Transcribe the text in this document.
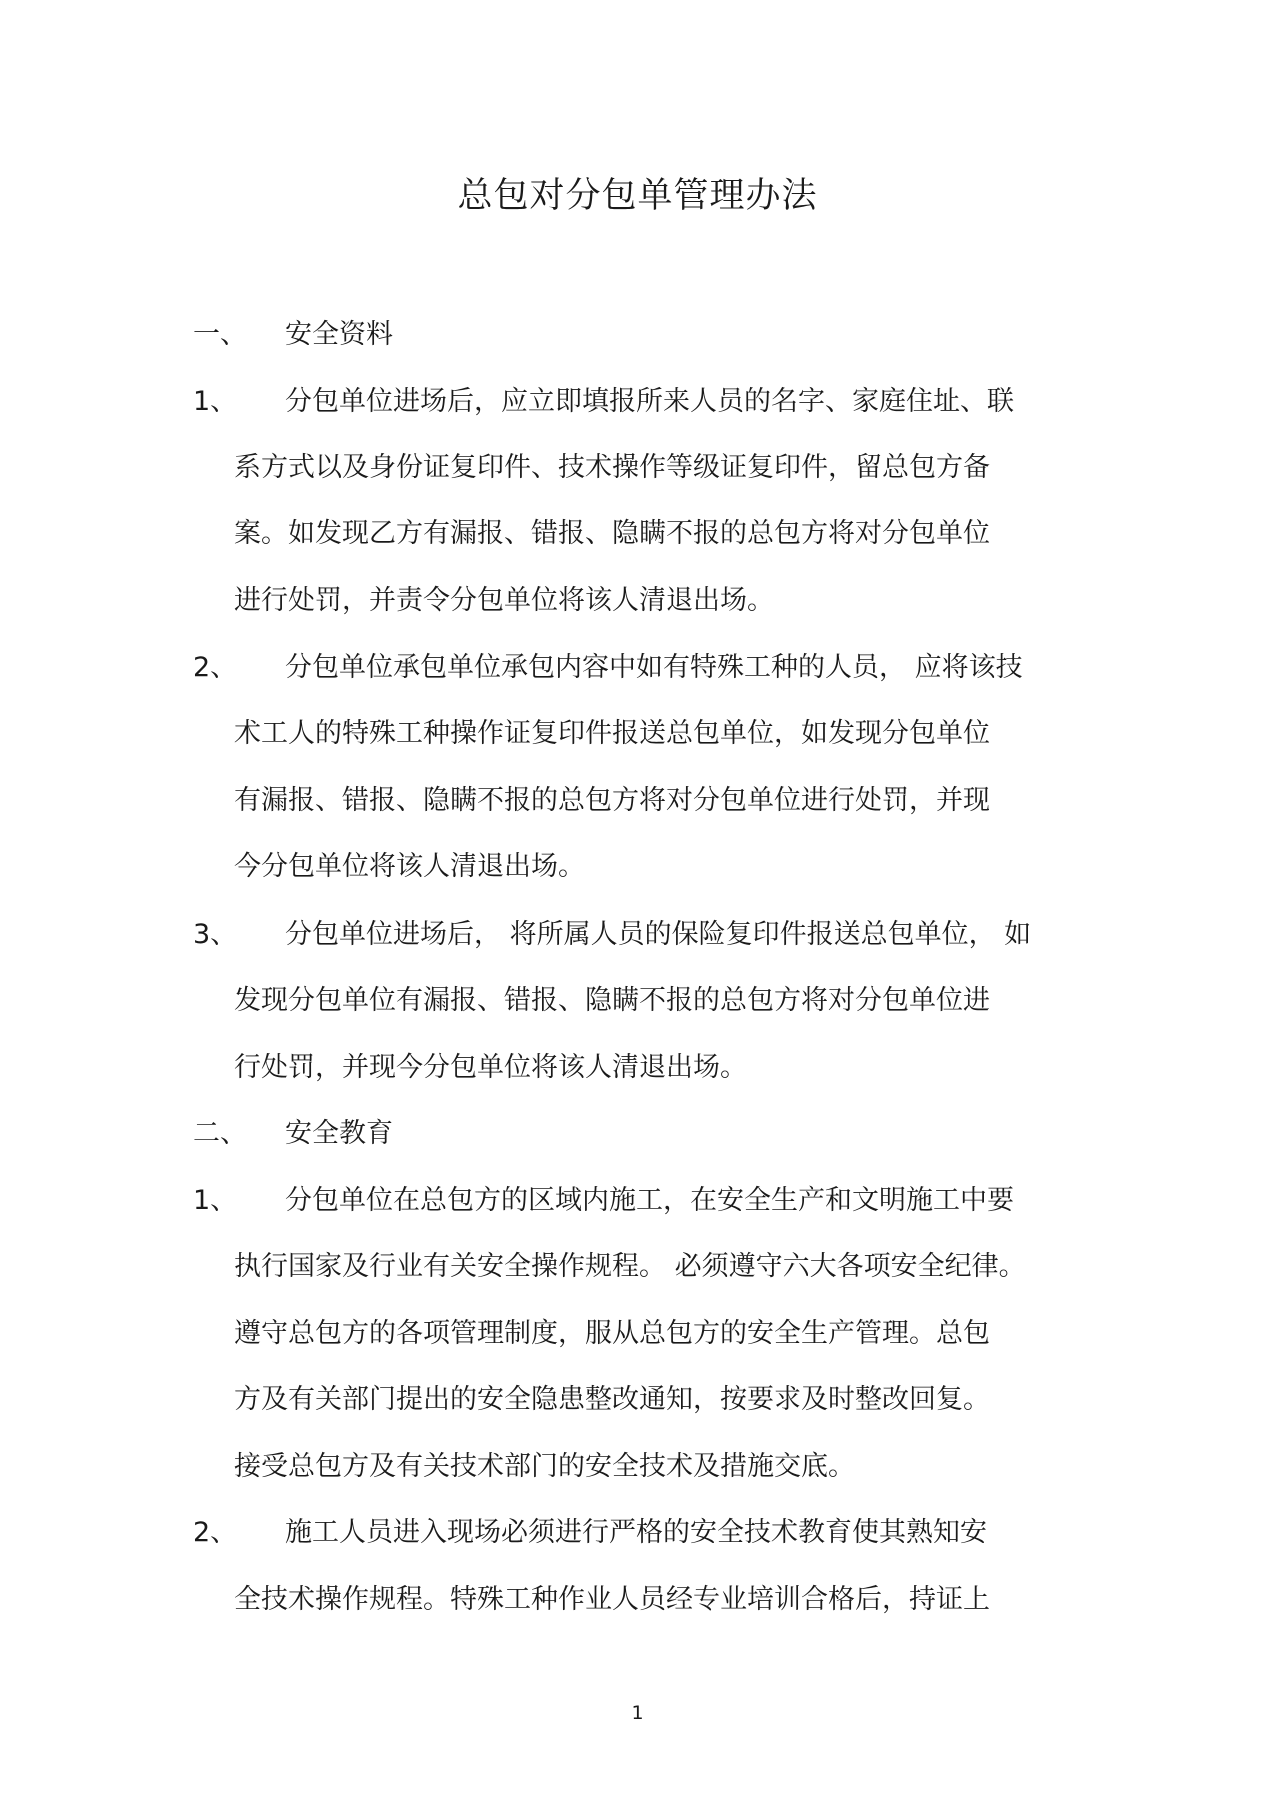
总包对分包单管理办法
一、 安全资料
1、 分包单位进场后，应立即填报所来人员的名字、家庭住址、联
系方式以及身份证复印件、技术操作等级证复印件，留总包方备
案。如发现乙方有漏报、错报、隐瞒不报的总包方将对分包单位
进行处罚，并责令分包单位将该人清退出场。
2、 分包单位承包单位承包内容中如有特殊工种的人员， 应将该技
术工人的特殊工种操作证复印件报送总包单位，如发现分包单位
有漏报、错报、隐瞒不报的总包方将对分包单位进行处罚，并现
今分包单位将该人清退出场。
3、 分包单位进场后， 将所属人员的保险复印件报送总包单位， 如
发现分包单位有漏报、错报、隐瞒不报的总包方将对分包单位进
行处罚，并现今分包单位将该人清退出场。
二、 安全教育
1、 分包单位在总包方的区域内施工，在安全生产和文明施工中要
执行国家及行业有关安全操作规程。 必须遵守六大各项安全纪律。
遵守总包方的各项管理制度，服从总包方的安全生产管理。总包
方及有关部门提出的安全隐患整改通知，按要求及时整改回复。
接受总包方及有关技术部门的安全技术及措施交底。
2、 施工人员进入现场必须进行严格的安全技术教育使其熟知安
全技术操作规程。特殊工种作业人员经专业培训合格后，持证上
1
